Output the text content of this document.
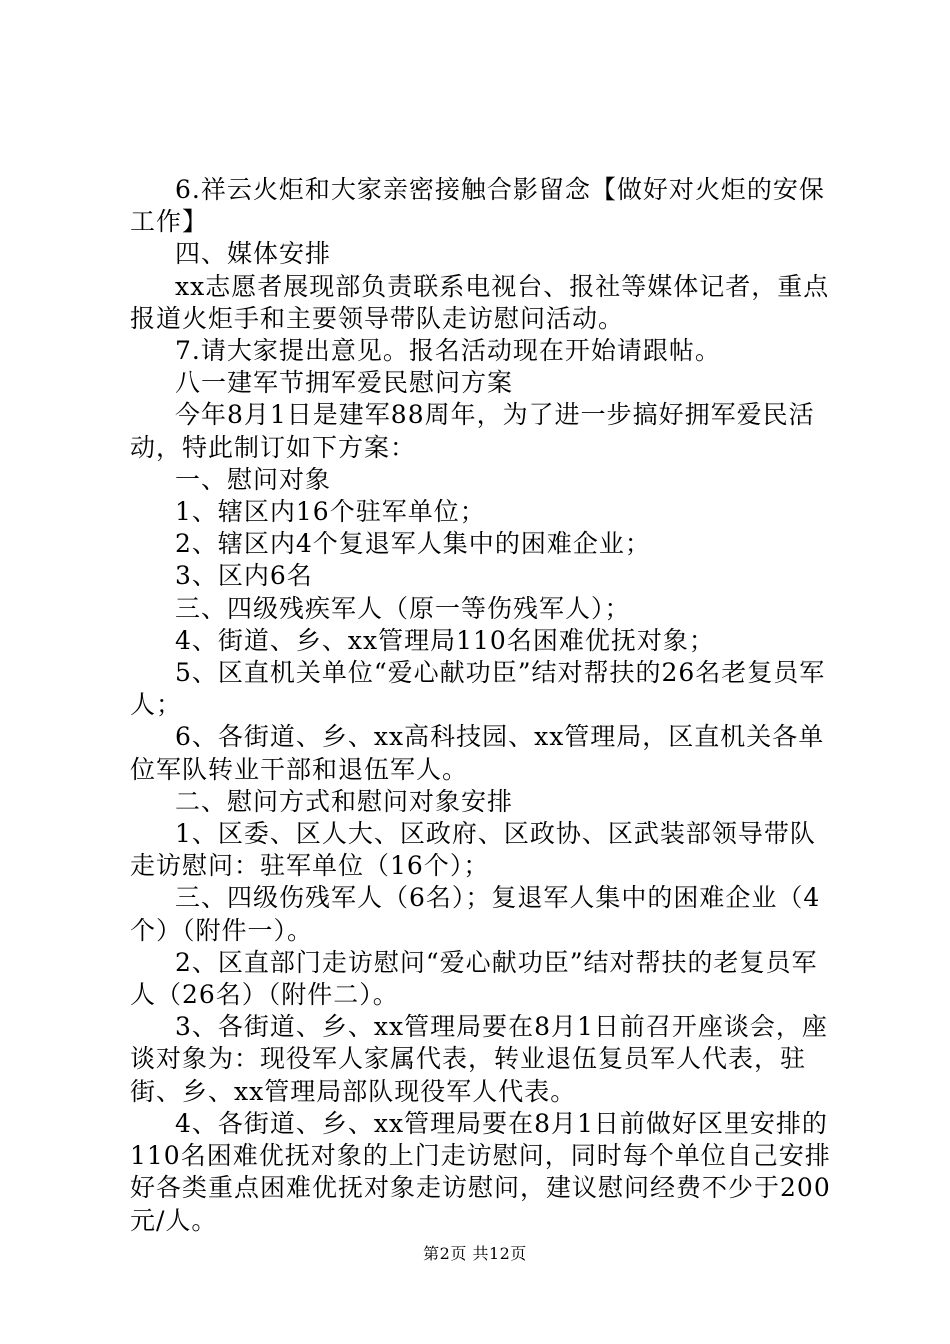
6.祥云火炬和大家亲密接触合影留念【做好对火炬的安保工作】

四、媒体安排

xx志愿者展现部负责联系电视台、报社等媒体记者，重点报道火炬手和主要领导带队走访慰问活动。

7.请大家提出意见。报名活动现在开始请跟帖。

八一建军节拥军爱民慰问方案

今年8月1日是建军88周年，为了进一步搞好拥军爱民活动，特此制订如下方案：

一、慰问对象

1、辖区内16个驻军单位；

2、辖区内4个复退军人集中的困难企业；

3、区内6名

三、四级残疾军人（原一等伤残军人）；

4、街道、乡、xx管理局110名困难优抚对象；

5、区直机关单位“爱心献功臣”结对帮扶的26名老复员军人；

6、各街道、乡、xx高科技园、xx管理局，区直机关各单位军队转业干部和退伍军人。

二、慰问方式和慰问对象安排

1、区委、区人大、区政府、区政协、区武装部领导带队走访慰问：驻军单位（16个）；

三、四级伤残军人（6名）；复退军人集中的困难企业（4个）（附件一）。

2、区直部门走访慰问“爱心献功臣”结对帮扶的老复员军人（26名）（附件二）。

3、各街道、乡、xx管理局要在8月1日前召开座谈会，座谈对象为：现役军人家属代表，转业退伍复员军人代表，驻街、乡、xx管理局部队现役军人代表。

4、各街道、乡、xx管理局要在8月1日前做好区里安排的110名困难优抚对象的上门走访慰问，同时每个单位自己安排好各类重点困难优抚对象走访慰问，建议慰问经费不少于200元/人。

第2页 共12页
